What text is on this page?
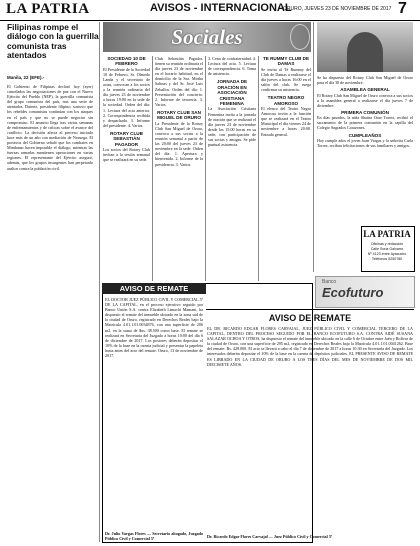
LA PATRIA	AVISOS - INTERNACIONAL
ORURO, JUEVES 23 DE NOVIEMBRE DE 2017 7
Filipinas rompe el diálogo con la guerrilla comunista tras atentados
Manila, 22 (EFE).-
El Gobierno de Filipinas declaró hoy (ayer) cancelados las negociaciones de paz con el Nuevo Ejército del Pueblo (NEP), la guerrilla comunista del grupo comunista del país, tras una serie de atentados. Duterte, presidente filipino, sostuvo que los rebeldes comunistas continúan con los ataques en el país y que no se puede negociar sin compromiso. El anuncio llega tras varias semanas de enfrentamientos y de críticas sobre el avance del conflicto. La decisión afecta al proceso iniciado hace más de un año con mediación de Noruega. El portavoz del Gobierno señaló que los combates en Mindanao hacen imposible el diálogo, mientras las fuerzas armadas mantienen operaciones en varias regiones. El representante del Ejército aseguró, además, que los grupos insurgentes han perpetrado asaltos contra la población civil.
Sociales
SOCIEDAD 10 DE FEBRERO
El Presidente de la Sociedad 10 de Febrero, Sr. Olmedo Landa y el secretario de actas, convocan a los socios a la reunión ordinaria del día jueves 23 de noviembre a horas 19:00 en la sede de la sociedad. Orden del día: 1. Lectura del acta anterior. 2. Correspondencia recibida y despachada. 3. Informe del presidente. 4. Varios.
ROTARY CLUB SEBASTIÁN PAGADOR
Los socios del Rotary Club invitan a la sesión semanal que se realizará en su sede.
Club Sebastián Pagador, tienen su reunión ordinaria el día jueves 23 de noviembre en el horario habitual, en el domicilio de la Sra. Mirtha Salinas y del Sr. José Luis Zeballos. Orden del día: 1. Presentación del concierto. 2. Informe de tesorería. 3. Varios.
ROTARY CLUB SAN MIGUEL DE ORURO
La Presidente de la Rotary Club San Miguel de Oruro, convoca a sus socias a la reunión semanal a partir de las 20:00 del jueves 23 de noviembre en la sede. Orden del día: 1. Apertura y bienvenida. 2. Informe de la presidencia. 3. Varios.
3. Cena de confraternidad. 4. Lectura del acta. 5. Lectura de correspondencia. 6. Toma de asistencia.
JORNADA DE ORACIÓN EN ASOCIACIÓN CRISTIANA FEMENINA
La Asociación Cristiana Femenina invita a la jornada de oración que se realizará el día jueves 23 de noviembre desde las 15:00 horas en su sede, con participación de sus socias y amigas. Se pide puntual asistencia.
TE RUMMY CLUB DE DAMAS
Se invita al Té Rummy del Club de Damas a realizarse el día jueves a horas 16:00 en el salón del club. Se ruega confirmar su asistencia.
TEATRO NEGRO AMOROSO
El elenco del Teatro Negro Amoroso invita a la función que se realizará en el Teatro Municipal el día viernes 24 de noviembre a horas 20:00. Entrada general.
Se ha dispuesto del Rotary Club San Miguel de Oruro para el día 30 de noviembre.
ASAMBLEA GENERAL
El Rotary Club San Miguel de Oruro convoca a sus socios a la asamblea general a realizarse el día jueves 7 de diciembre.
PRIMERA COMUNIÓN
En días pasados, la niña Shaina Orue Torrez, recibió el sacramento de la primera comunión en la capilla del Colegio Sagrados Corazones.
CUMPLEAÑOS
Hoy cumple años el joven Joan Vargas y la señorita Carla Torrez, reciban felicitaciones de sus familiares y amigos.
LA PATRIA
Oficinas y redacción
Calle Soria Galvarro
Nº 4123 entre Ayacucho
Teléfonos 5250780
AVISO DE REMATE
EL DOCTOR JUEZ PÚBLICO CIVIL Y COMERCIAL 5º DE LA CAPITAL, en el proceso ejecutivo seguido por Banco Unión S.A. contra Elizabeth Limachi Mamani, ha dispuesto el remate del inmueble ubicado en la zona sud de la ciudad de Oruro, registrado en Derechos Reales bajo la Matrícula 4.01.1.01.0034876, con una superficie de 206 m2, en la suma de $us. 38.500 como base. El remate se realizará en Secretaría del Juzgado a horas 10:00 del día 6 de diciembre de 2017. Los postores deberán depositar el 10% de la base en la cuenta judicial y presentar la papeleta hasta antes del acto del remate. Oruro, 13 de noviembre de 2017.
Dr. Julio Vargas Flores — Secretario abogado, Juzgado Público Civil y Comercial 5º
Banco
Ecofuturo
AVISO DE REMATE
EL DR. RICARDO EDGAR FLORES CARVAJAL, JUEZ PÚBLICO CIVIL Y COMERCIAL TERCERO DE LA CAPITAL, DENTRO DEL PROCESO SEGUIDO POR EL BANCO ECOFUTURO S.A. CONTRA AIDÉ SUSANA SALAZAR OCHOA Y OTROS, ha dispuesto el remate del inmueble ubicado en la calle 6 de Octubre entre Jaén y Bolívar de la ciudad de Oruro, con una superficie de 295 m2, registrado en Derechos Reales bajo la Matrícula 4.01.1.01.0041262. Base del remate: Bs. 428.000. El acto se llevará a cabo el día 7 de diciembre de 2017 a horas 10:30 en Secretaría del Juzgado. Los interesados deberán depositar el 10% de la base en la cuenta de depósitos judiciales. EL PRESENTE AVISO DE REMATE ES LIBRADO EN LA CIUDAD DE ORURO A LOS TRES DÍAS DEL MES DE NOVIEMBRE DE DOS MIL DIECISIETE AÑOS.
Dr. Ricardo Edgar Flores Carvajal — Juez Público Civil y Comercial 3º
